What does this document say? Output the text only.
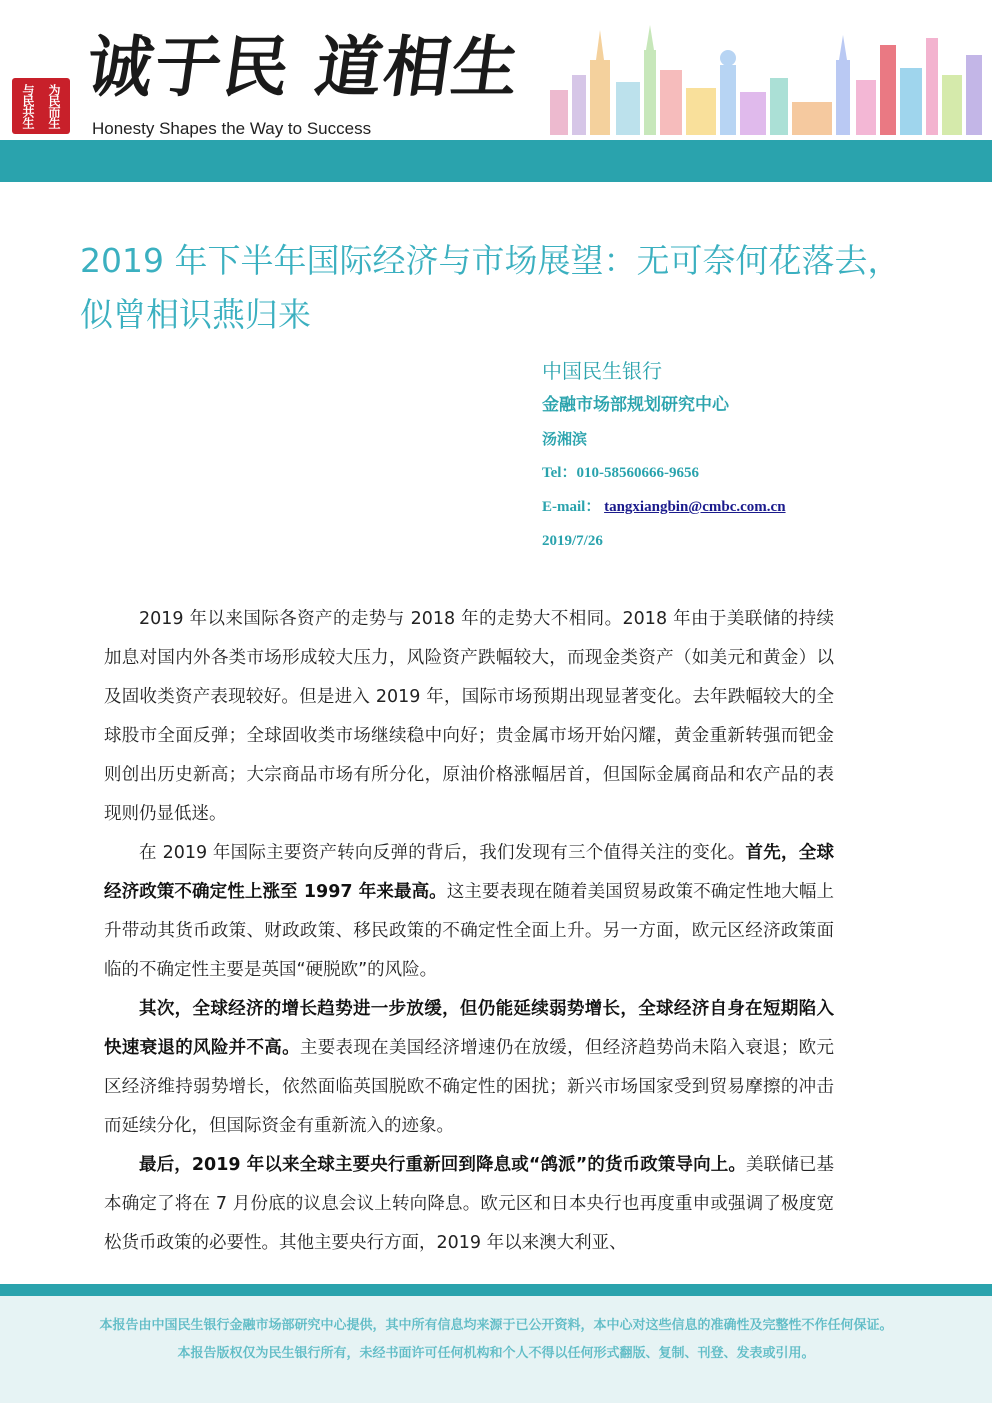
与民共生 为民而生 诚于民 道相生
Honesty Shapes the Way to Success
2019 年下半年国际经济与市场展望：无可奈何花落去，似曾相识燕归来
中国民生银行
金融市场部规划研究中心
汤湘滨
Tel：010-58560666-9656
E-mail： tangxiangbin@cmbc.com.cn
2019/7/26

2019 年以来国际各资产的走势与 2018 年的走势大不相同。2018 年由于美联储的持续加息对国内外各类市场形成较大压力，风险资产跌幅较大，而现金类资产（如美元和黄金）以及固收类资产表现较好。但是进入 2019 年，国际市场预期出现显著变化。去年跌幅较大的全球股市全面反弹；全球固收类市场继续稳中向好；贵金属市场开始闪耀，黄金重新转强而钯金则创出历史新高；大宗商品市场有所分化，原油价格涨幅居首，但国际金属商品和农产品的表现则仍显低迷。

在 2019 年国际主要资产转向反弹的背后，我们发现有三个值得关注的变化。首先，全球经济政策不确定性上涨至 1997 年来最高。这主要表现在随着美国贸易政策不确定性地大幅上升带动其货币政策、财政政策、移民政策的不确定性全面上升。另一方面，欧元区经济政策面临的不确定性主要是英国“硬脱欧”的风险。

其次，全球经济的增长趋势进一步放缓，但仍能延续弱势增长，全球经济自身在短期陷入快速衰退的风险并不高。主要表现在美国经济增速仍在放缓，但经济趋势尚未陷入衰退；欧元区经济维持弱势增长，依然面临英国脱欧不确定性的困扰；新兴市场国家受到贸易摩擦的冲击而延续分化，但国际资金有重新流入的迹象。

最后，2019 年以来全球主要央行重新回到降息或“鸽派”的货币政策导向上。美联储已基本确定了将在 7 月份底的议息会议上转向降息。欧元区和日本央行也再度重申或强调了极度宽松货币政策的必要性。其他主要央行方面，2019 年以来澳大利亚、

本报告由中国民生银行金融市场部研究中心提供，其中所有信息均来源于已公开资料，本中心对这些信息的准确性及完整性不作任何保证。
本报告版权仅为民生银行所有，未经书面许可任何机构和个人不得以任何形式翻版、复制、刊登、发表或引用。
